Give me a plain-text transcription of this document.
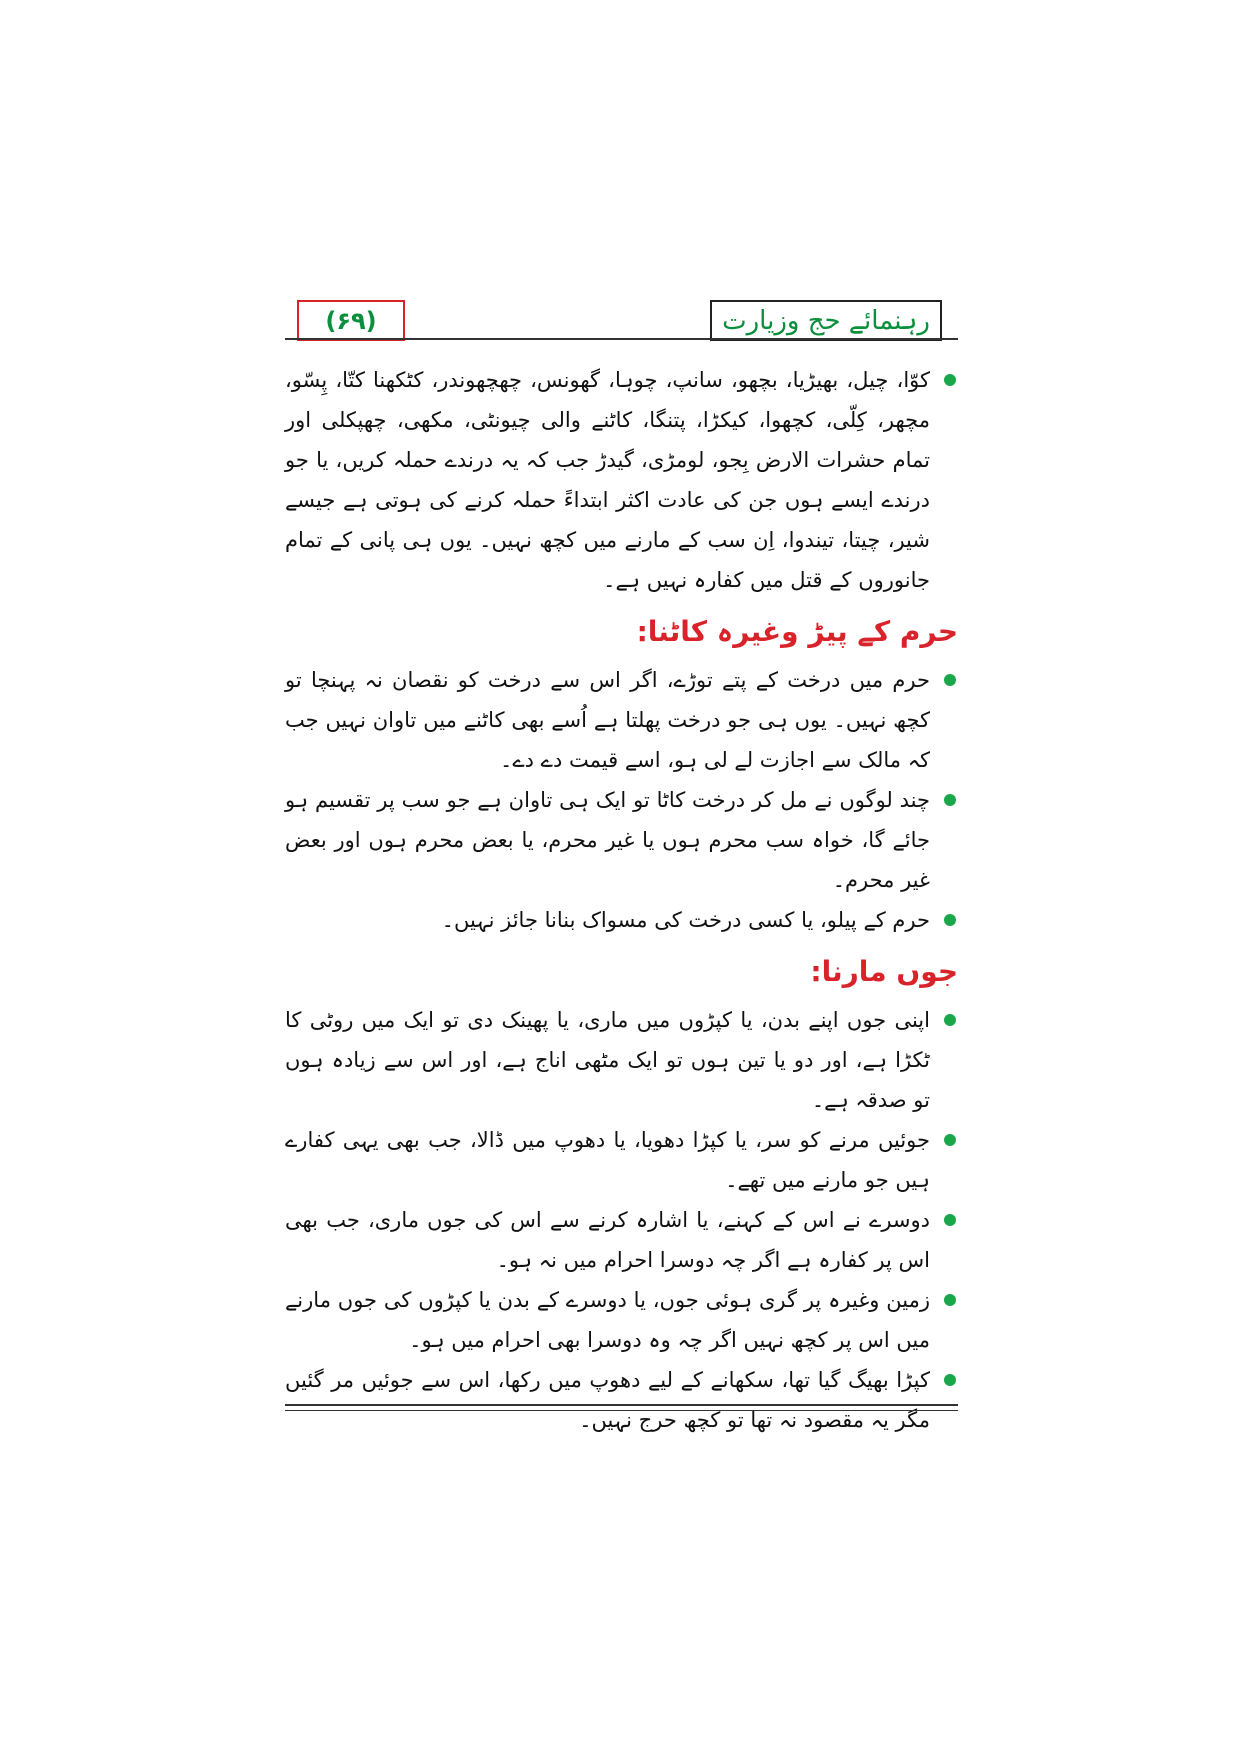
(۶۹)	رہنمائے حج وزیارت
کوّا، چیل، بھیڑیا، بچھو، سانپ، چوہا، گھونس، چھچھوندر، کٹکھنا کتّا، پِسّو، مچھر، کِلّی، کچھوا، کیکڑا، پتنگا، کاٹنے والی چیونٹی، مکھی، چھپکلی اور تمام حشرات الارض بِجو، لومڑی، گیدڑ جب کہ یہ درندے حملہ کریں، یا جو درندے ایسے ہوں جن کی عادت اکثر ابتداءً حملہ کرنے کی ہوتی ہے جیسے شیر، چیتا، تیندوا، اِن سب کے مارنے میں کچھ نہیں۔ یوں ہی پانی کے تمام جانوروں کے قتل میں کفارہ نہیں ہے۔
حرم کے پیڑ وغیرہ کاٹنا:
حرم میں درخت کے پتے توڑے، اگر اس سے درخت کو نقصان نہ پہنچا تو کچھ نہیں۔ یوں ہی جو درخت پھلتا ہے اُسے بھی کاٹنے میں تاوان نہیں جب کہ مالک سے اجازت لے لی ہو، اسے قیمت دے دے۔
چند لوگوں نے مل کر درخت کاٹا تو ایک ہی تاوان ہے جو سب پر تقسیم ہو جائے گا، خواہ سب محرم ہوں یا غیر محرم، یا بعض محرم ہوں اور بعض غیر محرم۔
حرم کے پیلو، یا کسی درخت کی مسواک بنانا جائز نہیں۔
جوں مارنا:
اپنی جوں اپنے بدن، یا کپڑوں میں ماری، یا پھینک دی تو ایک میں روٹی کا ٹکڑا ہے، اور دو یا تین ہوں تو ایک مٹھی اناج ہے، اور اس سے زیادہ ہوں تو صدقہ ہے۔
جوئیں مرنے کو سر، یا کپڑا دھویا، یا دھوپ میں ڈالا، جب بھی یہی کفارے ہیں جو مارنے میں تھے۔
دوسرے نے اس کے کہنے، یا اشارہ کرنے سے اس کی جوں ماری، جب بھی اس پر کفارہ ہے اگر چہ دوسرا احرام میں نہ ہو۔
زمین وغیرہ پر گری ہوئی جوں، یا دوسرے کے بدن یا کپڑوں کی جوں مارنے میں اس پر کچھ نہیں اگر چہ وہ دوسرا بھی احرام میں ہو۔
کپڑا بھیگ گیا تھا، سکھانے کے لیے دھوپ میں رکھا، اس سے جوئیں مر گئیں مگر یہ مقصود نہ تھا تو کچھ حرج نہیں۔
